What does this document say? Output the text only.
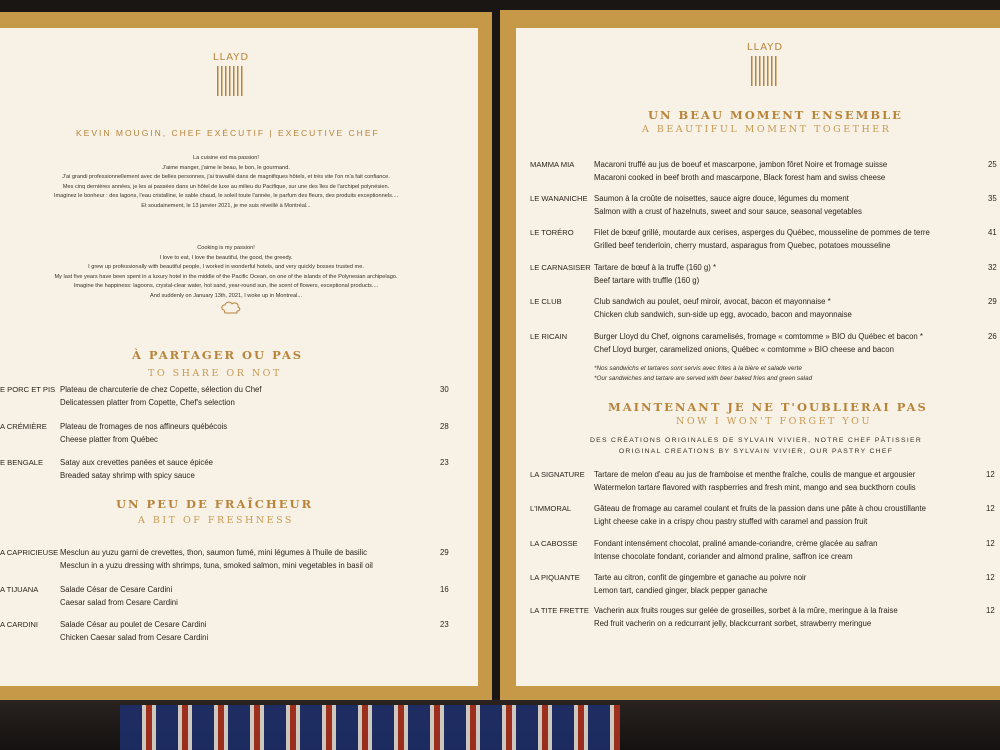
LLAYD
KEVIN MOUGIN, CHEF EXÉCUTIF | EXECUTIVE CHEF
La cuisine est ma passion!
J'aime manger, j'aime le beau, le bon, le gourmand.
J'ai grandi professionnellement avec de belles personnes, j'ai travaillé dans de magnifiques hôtels, et très vite l'on m'a fait confiance.
Mes cinq dernières années, je les ai passées dans un hôtel de luxe au milieu du Pacifique, sur une des îles de l'archipel polynésien.
Imaginez le bonheur : des lagons, l'eau cristalline, le sable chaud, le soleil toute l'année, le parfum des fleurs, des produits exceptionnels....
Et soudainement, le 13 janvier 2021, je me suis réveillé à Montréal...
Cooking is my passion!
I love to eat, I love the beautiful, the good, the greedy.
I grew up professionally with beautiful people, I worked in wonderful hotels, and very quickly bosses trusted me.
My last five years have been spent in a luxury hotel in the middle of the Pacific Ocean, on one of the islands of the Polynesian archipelago.
Imagine the happiness: lagoons, crystal-clear water, hot sand, year-round sun, the scent of flowers, exceptional products....
And suddenly on January 13th, 2021, I woke up in Montreal...
À PARTAGER OU PAS
TO SHARE OR NOT
E PORC ET PIS Plateau de charcuterie de chez Copette, sélection du Chef
Delicatessen platter from Copette, Chef's selection
30
A CRÉMIÈRE Plateau de fromages de nos affineurs québécois
Cheese platter from Québec
28
E BENGALE Satay aux crevettes panées et sauce épicée
Breaded satay shrimp with spicy sauce
23
UN PEU DE FRAÎCHEUR
A BIT OF FRESHNESS
A CAPRICIEUSE Mesclun au yuzu garni de crevettes, thon, saumon fumé, mini légumes à l'huile de basilic
Mesclun in a yuzu dressing with shrimps, tuna, smoked salmon, mini vegetables in basil oil
29
A TIJUANA	Salade César de Cesare Cardini
Caesar salad from Cesare Cardini
16
A CARDINI	Salade César au poulet de Cesare Cardini
Chicken Caesar salad from Cesare Cardini
23
LLAYD
UN BEAU MOMENT ENSEMBLE
A BEAUTIFUL MOMENT TOGETHER
MAMMA MIA	Macaroni truffé au jus de boeuf et mascarpone, jambon fôret Noire et fromage suisse
Macaroni cooked in beef broth and mascarpone, Black forest ham and swiss cheese
25
LE WANANICHE Saumon à la croûte de noisettes, sauce aigre douce, légumes du moment
Salmon with a crust of hazelnuts, sweet and sour sauce, seasonal vegetables
35
LE TORÉRO	Filet de bœuf grillé, moutarde aux cerises, asperges du Québec, mousseline de pommes de terre
Grilled beef tenderloin, cherry mustard, asparagus from Quebec, potatoes mousseline
41
LE CARNASISER Tartare de bœuf à la truffe (160 g) *
Beef tartare with truffle (160 g)
32
LE CLUB	Club sandwich au poulet, oeuf miroir, avocat, bacon et mayonnaise *
Chicken club sandwich, sun-side up egg, avocado, bacon and mayonnaise
29
LE RICAIN	Burger Lloyd du Chef, oignons caramelisés, fromage « comtomme » BIO du Québec et bacon *
Chef Lloyd burger, caramelized onions, Québec « comtomme » BIO cheese and bacon
26
*Nos sandwichs et tartares sont servis avec frites à la bière et salade verte
*Our sandwiches and tartare are served with beer baked fries and green salad
MAINTENANT JE NE T'OUBLIERAI PAS
NOW I WON'T FORGET YOU
DES CRÉATIONS ORIGINALES DE SYLVAIN VIVIER, NOTRE CHEF PÂTISSIER
ORIGINAL CREATIONS BY SYLVAIN VIVIER, OUR PASTRY CHEF
LA SIGNATURE Tartare de melon d'eau au jus de framboise et menthe fraîche, coulis de mangue et argousier
Watermelon tartare flavored with raspberries and fresh mint, mango and sea buckthorn coulis
12
L'IMMORAL	Gâteau de fromage au caramel coulant et fruits de la passion dans une pâte à chou croustillante
Light cheese cake in a crispy chou pastry stuffed with caramel and passion fruit
12
LA CABOSSE Fondant intensément chocolat, praliné amande-coriandre, crème glacée au safran
Intense chocolate fondant, coriander and almond praline, saffron ice cream
12
LA PIQUANTE Tarte au citron, confit de gingembre et ganache au poivre noir
Lemon tart, candied ginger, black pepper ganache
12
LA TITE FRETTE Vacherin aux fruits rouges sur gelée de groseilles, sorbet à la mûre, meringue à la fraise
Red fruit vacherin on a redcurrant jelly, blackcurrant sorbet, strawberry meringue
12
